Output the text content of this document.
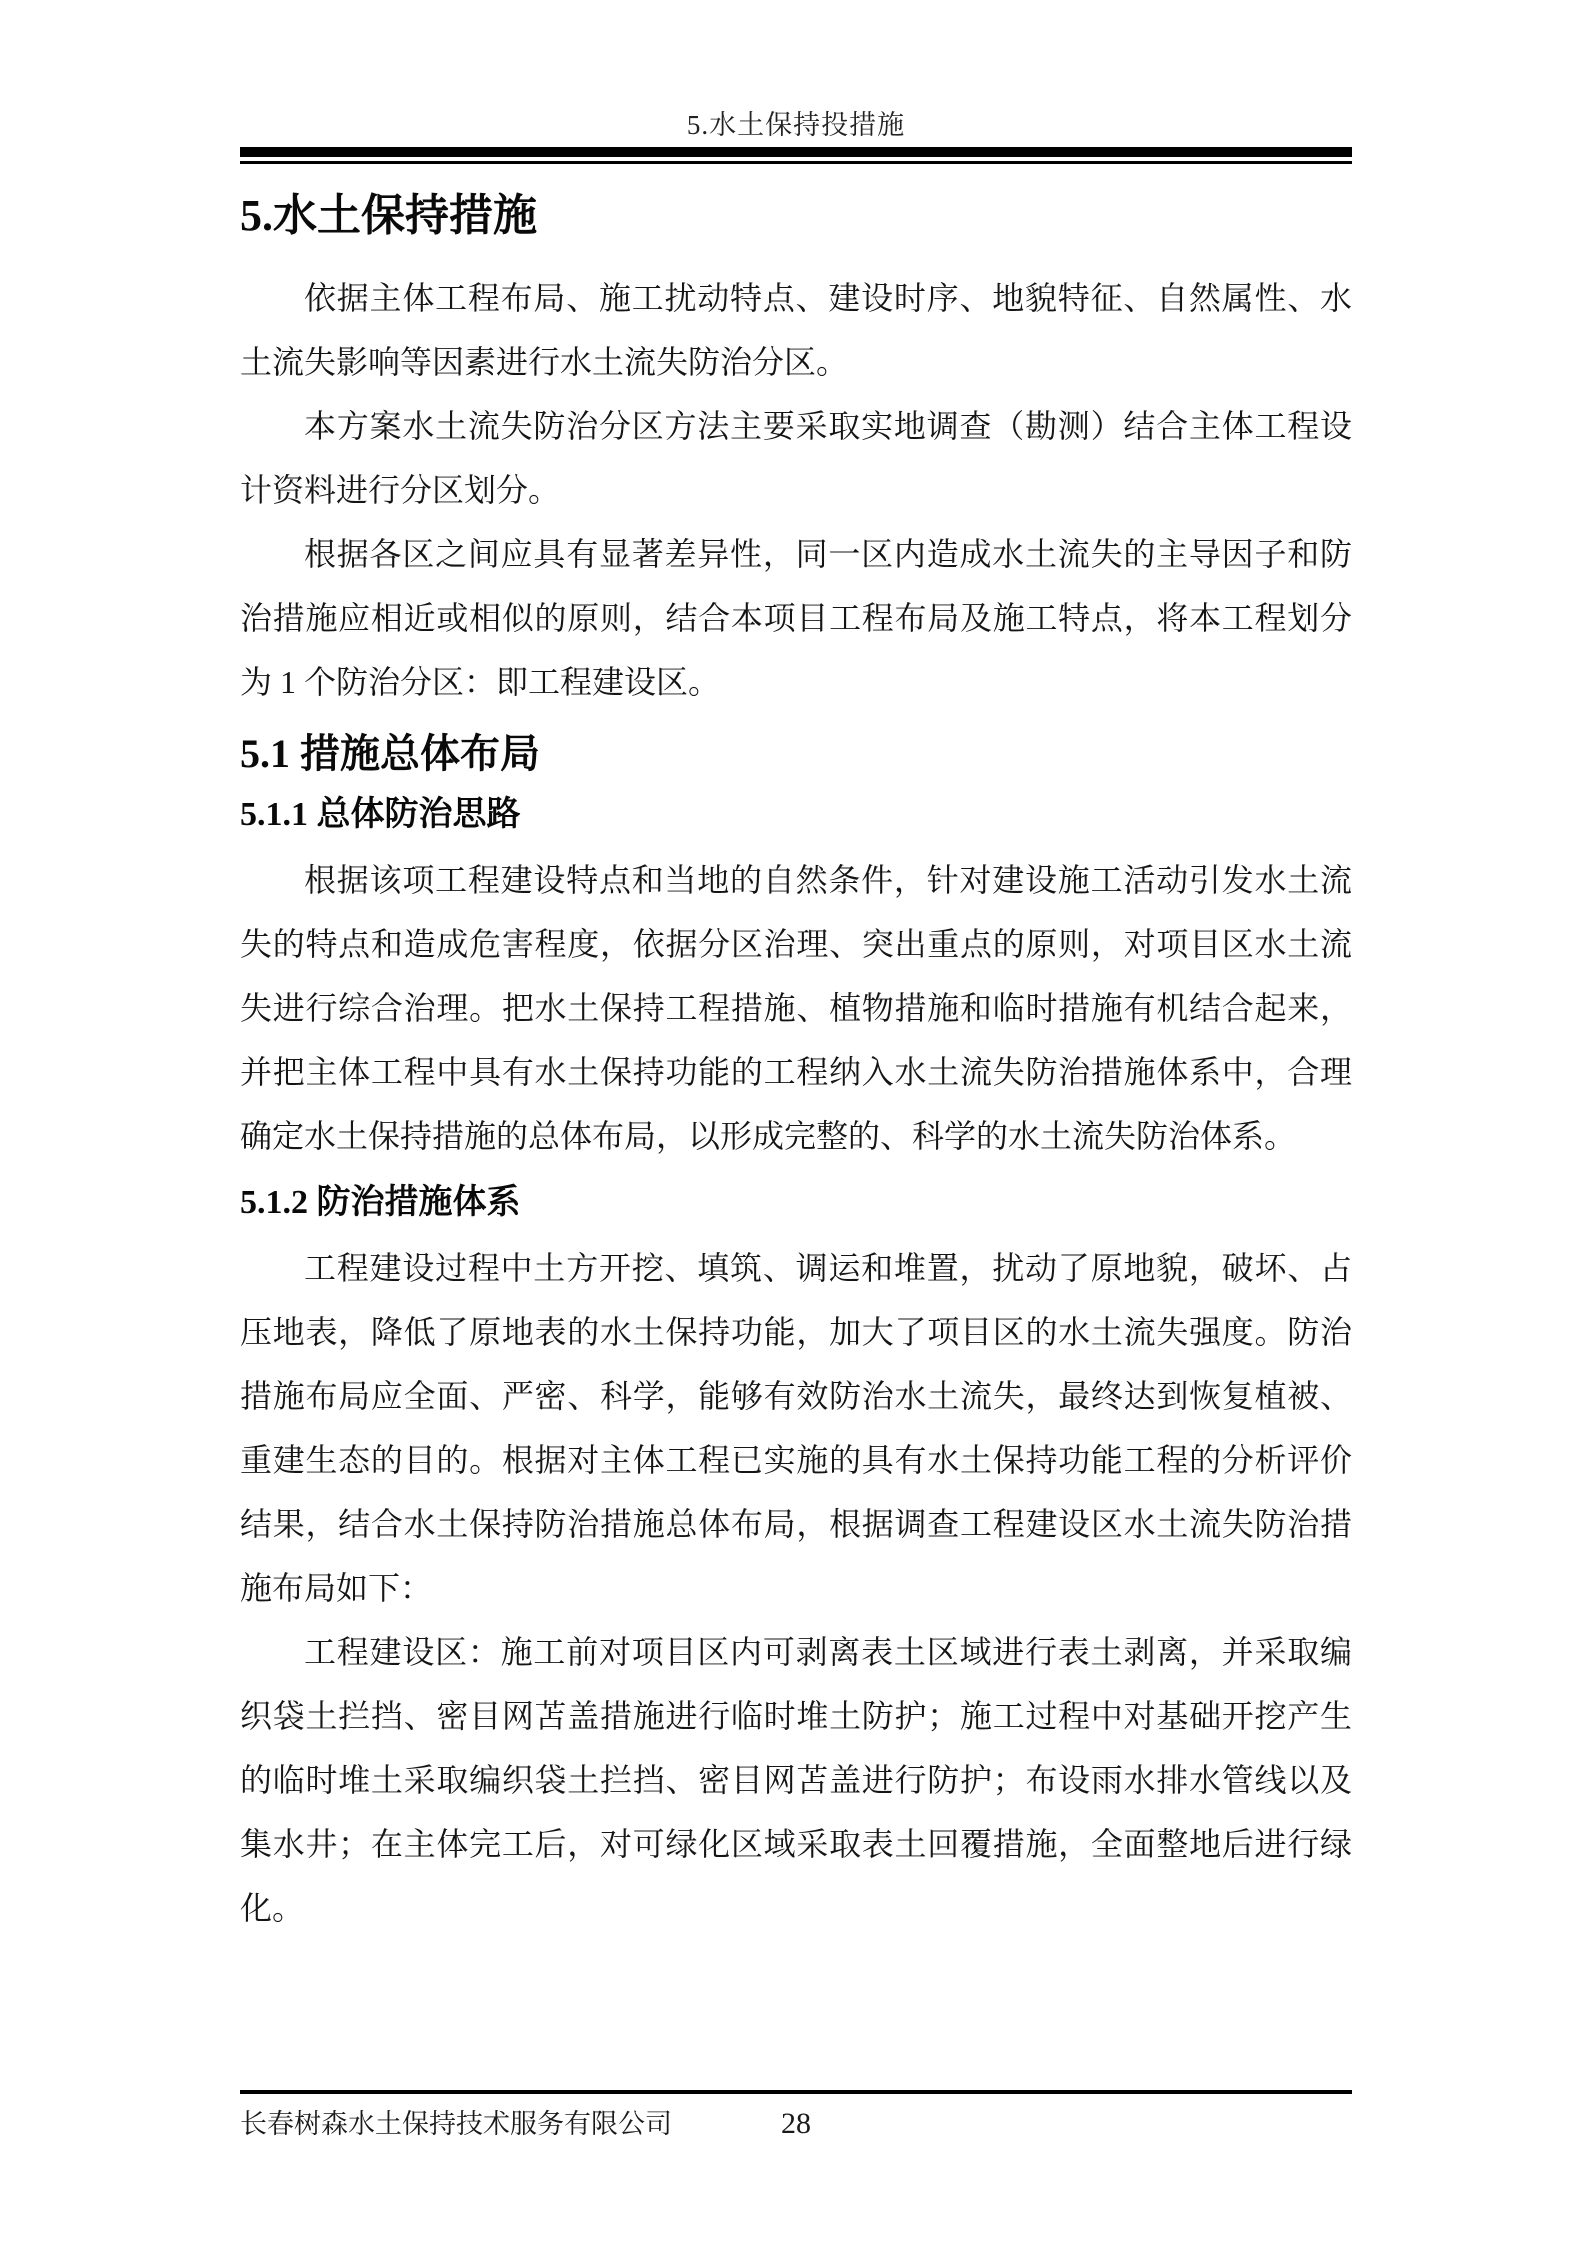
5.水土保持投措施
5.水土保持措施

依据主体工程布局、施工扰动特点、建设时序、地貌特征、自然属性、水土流失影响等因素进行水土流失防治分区。

本方案水土流失防治分区方法主要采取实地调查（勘测）结合主体工程设计资料进行分区划分。

根据各区之间应具有显著差异性，同一区内造成水土流失的主导因子和防治措施应相近或相似的原则，结合本项目工程布局及施工特点，将本工程划分为 1 个防治分区：即工程建设区。

5.1 措施总体布局
5.1.1 总体防治思路

根据该项工程建设特点和当地的自然条件，针对建设施工活动引发水土流失的特点和造成危害程度，依据分区治理、突出重点的原则，对项目区水土流失进行综合治理。把水土保持工程措施、植物措施和临时措施有机结合起来，并把主体工程中具有水土保持功能的工程纳入水土流失防治措施体系中，合理确定水土保持措施的总体布局，以形成完整的、科学的水土流失防治体系。

5.1.2 防治措施体系

工程建设过程中土方开挖、填筑、调运和堆置，扰动了原地貌，破坏、占压地表，降低了原地表的水土保持功能，加大了项目区的水土流失强度。防治措施布局应全面、严密、科学，能够有效防治水土流失，最终达到恢复植被、重建生态的目的。根据对主体工程已实施的具有水土保持功能工程的分析评价结果，结合水土保持防治措施总体布局，根据调查工程建设区水土流失防治措施布局如下：

工程建设区：施工前对项目区内可剥离表土区域进行表土剥离，并采取编织袋土拦挡、密目网苫盖措施进行临时堆土防护；施工过程中对基础开挖产生的临时堆土采取编织袋土拦挡、密目网苫盖进行防护；布设雨水排水管线以及集水井；在主体完工后，对可绿化区域采取表土回覆措施，全面整地后进行绿化。

长春树森水土保持技术服务有限公司	28
